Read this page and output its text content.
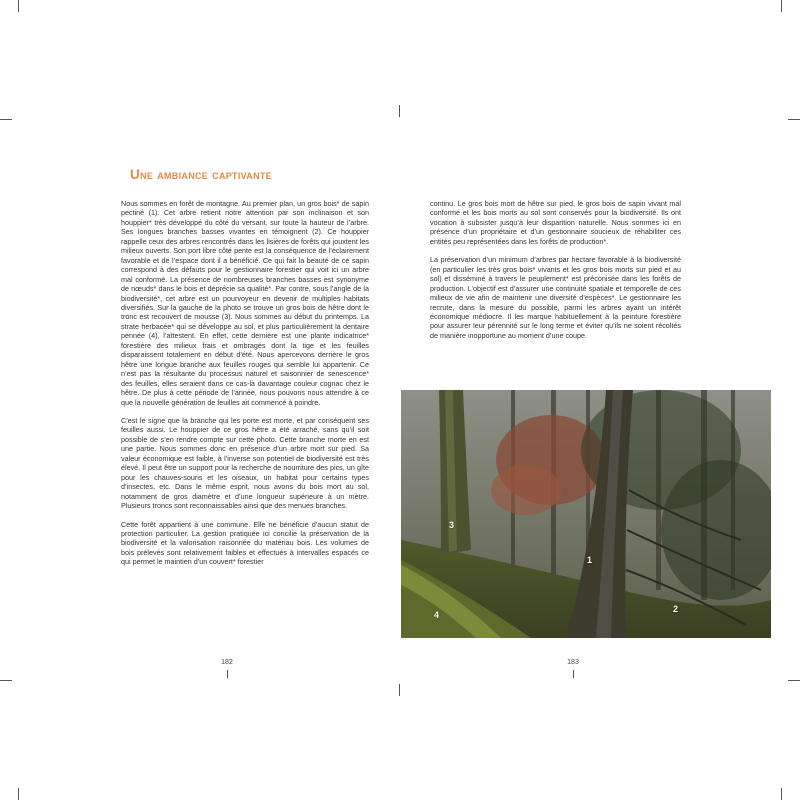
Une ambiance captivante

Nous sommes en forêt de montagne. Au premier plan, un gros bois* de sapin pectiné (1). Cet arbre retient notre attention par son inclinaison et son houppier* très développé du côté du versant, sur toute la hauteur de l’arbre. Ses longues branches basses vivantes en témoignent (2). Ce houppier rappelle ceux des arbres rencontrés dans les lisières de forêts qui jouxtent les milieux ouverts. Son port libre côté pente est la conséquence de l’éclairement favorable et de l’espace dont il a bénéficié. Ce qui fait la beauté de ce sapin correspond à des défauts pour le gestionnaire forestier qui voit ici un arbre mal conformé. La présence de nombreuses branches basses est synonyme de nœuds* dans le bois et déprécie sa qualité*. Par contre, sous l’angle de la biodiversité*, cet arbre est un pourvoyeur en devenir de multiples habitats diversifiés. Sur la gauche de la photo se trouve un gros bois de hêtre dont le tronc est recouvert de mousse (3). Nous sommes au début du printemps. La strate herbacée* qui se développe au sol, et plus particulièrement la dentaire pennée (4), l’attestent. En effet, cette dernière est une plante indicatrice* forestière des milieux frais et ombragés dont la tige et les feuilles disparaissent totalement en début d’été. Nous apercevons derrière le gros hêtre une longue branche aux feuilles rouges qui semble lui appartenir. Ce n’est pas la résultante du processus naturel et saisonnier de senescence* des feuilles, elles seraient dans ce cas-là davantage couleur cognac chez le hêtre. De plus à cette période de l’année, nous pouvons nous attendre à ce que la nouvelle génération de feuilles ait commencé à poindre.

C’est le signe que la branche qui les porte est morte, et par conséquent ses feuilles aussi. Le houppier de ce gros hêtre a été arraché, sans qu’il soit possible de s’en rendre compte sur cette photo. Cette branche morte en est une partie. Nous sommes donc en présence d’un arbre mort sur pied. Sa valeur économique est faible, à l’inverse son potentiel de biodiversité est très élevé. Il peut être un support pour la recherche de nourriture des pics, un gîte pour les chauves-souris et les oiseaux, un habitat pour certains types d’insectes, etc. Dans le même esprit, nous avons du bois mort au sol, notamment de gros diamètre et d’une longueur supérieure à un mètre. Plusieurs troncs sont reconnaissables ainsi que des menues branches.

Cette forêt appartient à une commune. Elle ne bénéficie d’aucun statut de protection particulier. La gestion pratiquée ici concilie la préservation de la biodiversité et la valorisation raisonnée du matériau bois. Les volumes de bois prélevés sont relativement faibles et effectués à intervalles espacés ce qui permet le maintien d’un couvert* forestier

continu. Le gros bois mort de hêtre sur pied, le gros bois de sapin vivant mal conformé et les bois morts au sol sont conservés pour la biodiversité. Ils ont vocation à subsister jusqu’à leur disparition naturelle. Nous sommes ici en présence d’un propriétaire et d’un gestionnaire soucieux de réhabiliter ces entités peu représentées dans les forêts de production*.

La préservation d’un minimum d’arbres par hectare favorable à la biodiversité (en particulier les très gros bois* vivants et les gros bois morts sur pied et au sol) et disséminé à travers le peuplement* est préconisée dans les forêts de production. L’objectif est d’assurer une continuité spatiale et temporelle de ces milieux de vie afin de maintenir une diversité d’espèces*. Le gestionnaire les recrute, dans la mesure du possible, parmi les arbres ayant un intérêt économique médiocre. Il les marque habituellement à la peinture forestière pour assurer leur pérennité sur le long terme et éviter qu’ils ne soient récoltés de manière inopportune au moment d’une coupe.

1
2
3
4
182	183
